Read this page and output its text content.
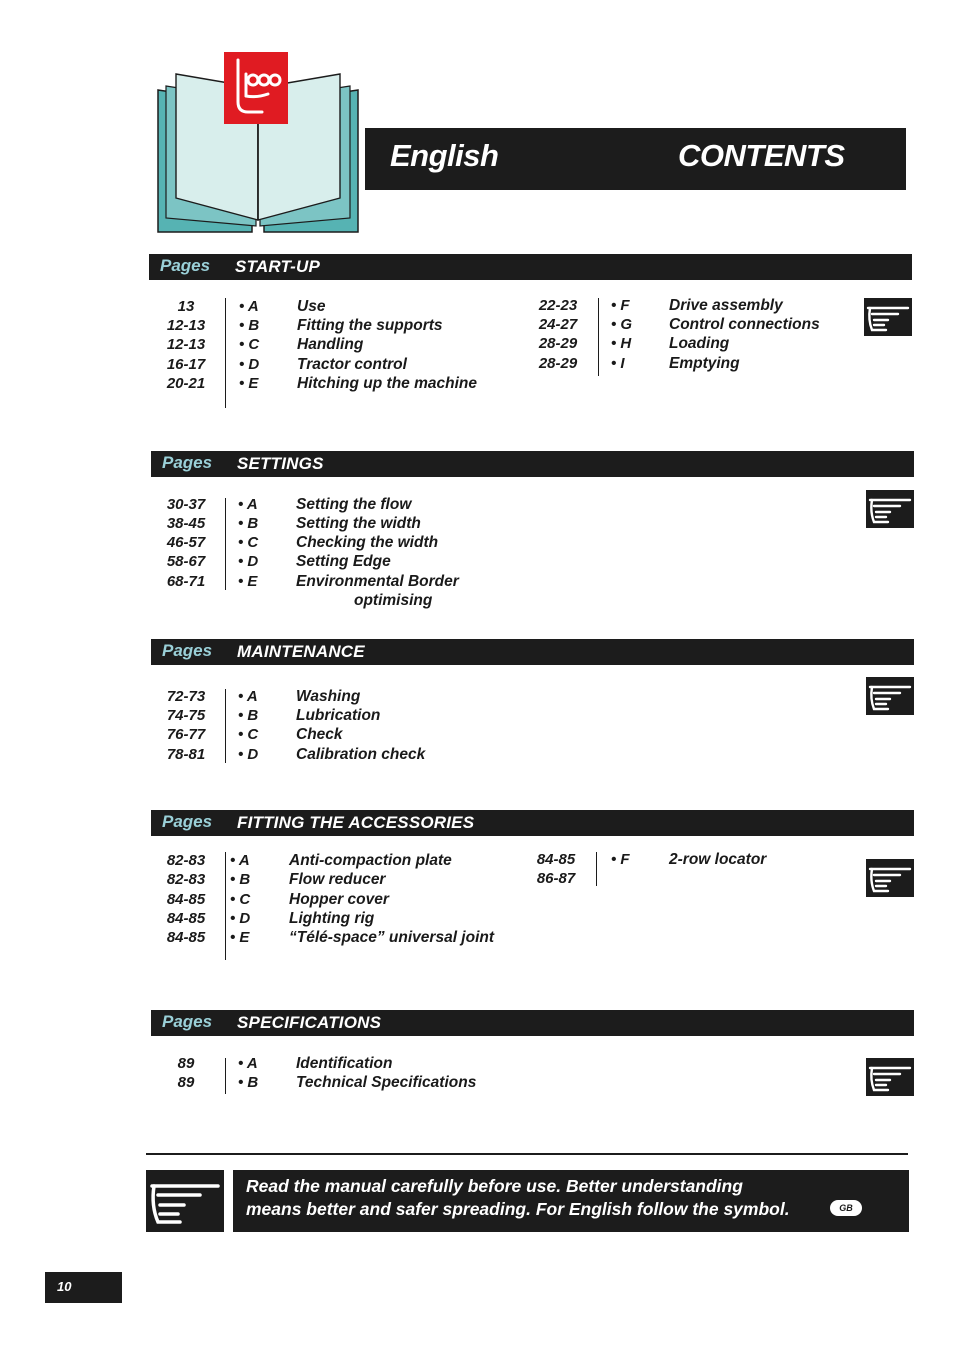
English	CONTENTS
Pages START-UP
13	• A Use
12-13	• B Fitting the supports
12-13	• C Handling
16-17	• D Tractor control
20-21	• E Hitching up the machine
22-23	• F	Drive assembly
24-27	• G Control connections
28-29	• H Loading
28-29	• I	Emptying
Pages SETTINGS
30-37	• A Setting the flow
38-45	• B Setting the width
46-57	• C Checking the width
58-67	• D Setting Edge
68-71	• E Environmental Border
optimising
Pages MAINTENANCE
72-73	• A Washing
74-75	• B Lubrication
76-77	• C Check
78-81	• D Calibration check
Pages FITTING THE ACCESSORIES
82-83	• A	Anti-compaction plate
82-83	• B Flow reducer
84-85	• C Hopper cover
84-85	• D Lighting rig
84-85	• E	“Télé-space” universal joint
84-85	• F	2-row locator
86-87
Pages SPECIFICATIONS
89	• A Identification
89	• B Technical Specifications
Read the manual carefully before use. Better understanding
means better and safer spreading. For English follow the symbol.	GB
10
